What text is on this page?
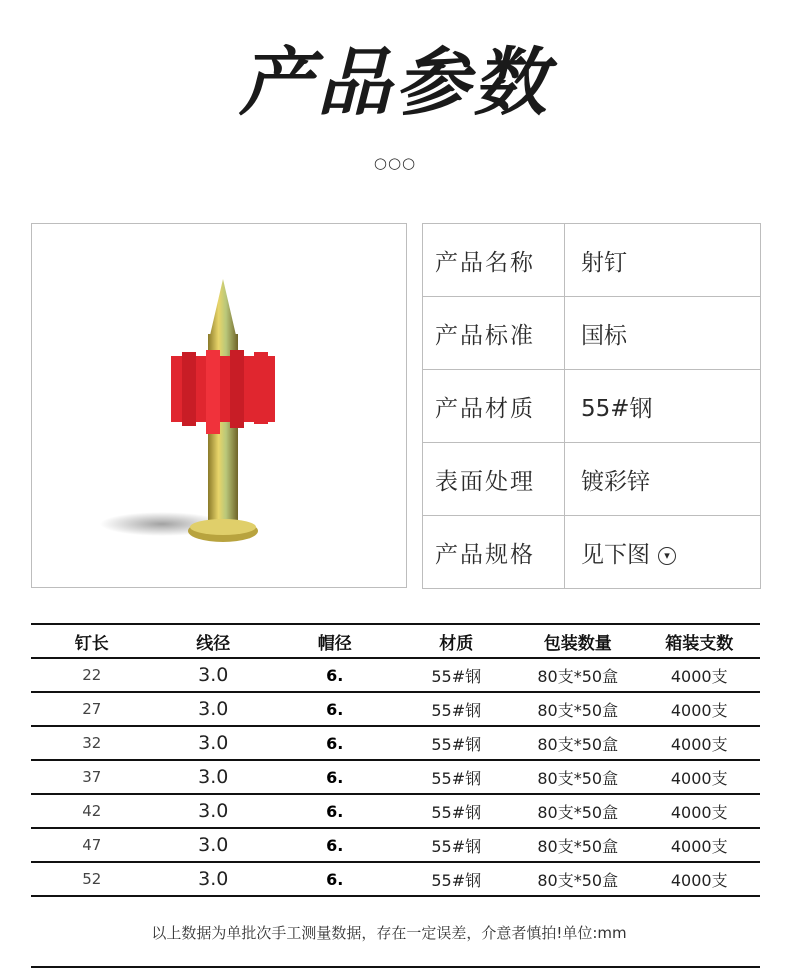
产品参数
○○○
产品名称	射钉
产品标准	国标
产品材质	55#钢
表面处理	镀彩锌
产品规格	见下图 ▾
钉长	线径	帽径	材质	包装数量	箱装支数
22	3.0	6.	55#钢	80支*50盒	4000支
27	3.0	6.	55#钢	80支*50盒	4000支
32	3.0	6.	55#钢	80支*50盒	4000支
37	3.0	6.	55#钢	80支*50盒	4000支
42	3.0	6.	55#钢	80支*50盒	4000支
47	3.0	6.	55#钢	80支*50盒	4000支
52	3.0	6.	55#钢	80支*50盒	4000支
以上数据为单批次手工测量数据，存在一定误差，介意者慎拍!单位:mm
